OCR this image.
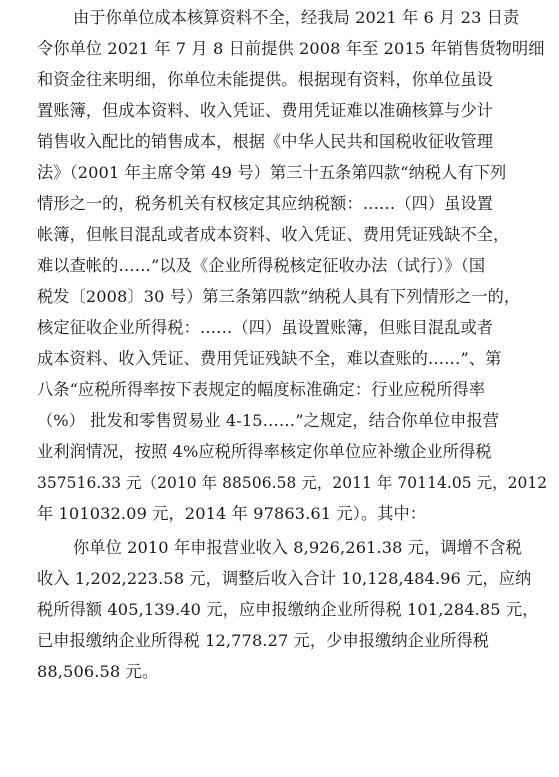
由于你单位成本核算资料不全，经我局 2021 年 6 月 23 日责
令你单位 2021 年 7 月 8 日前提供 2008 年至 2015 年销售货物明细
和资金往来明细，你单位未能提供。根据现有资料，你单位虽设
置账簿，但成本资料、收入凭证、费用凭证难以准确核算与少计
销售收入配比的销售成本，根据《中华人民共和国税收征收管理
法》（2001 年主席令第 49 号）第三十五条第四款“纳税人有下列
情形之一的，税务机关有权核定其应纳税额：……（四）虽设置
帐簿，但帐目混乱或者成本资料、收入凭证、费用凭证残缺不全，
难以查帐的……”以及《企业所得税核定征收办法（试行）》（国
税发〔2008〕30 号）第三条第四款”纳税人具有下列情形之一的，
核定征收企业所得税：……（四）虽设置账簿，但账目混乱或者
成本资料、收入凭证、费用凭证残缺不全，难以查账的……”、第
八条“应税所得率按下表规定的幅度标准确定：行业应税所得率
（%） 批发和零售贸易业 4-15……”之规定，结合你单位申报营
业利润情况，按照 4%应税所得率核定你单位应补缴企业所得税
357516.33 元（2010 年 88506.58 元，2011 年 70114.05 元，2012
年 101032.09 元，2014 年 97863.61 元）。其中：
你单位 2010 年申报营业收入 8,926,261.38 元，调增不含税
收入 1,202,223.58 元，调整后收入合计 10,128,484.96 元，应纳
税所得额 405,139.40 元，应申报缴纳企业所得税 101,284.85 元，
已申报缴纳企业所得税 12,778.27 元，少申报缴纳企业所得税
88,506.58 元。
